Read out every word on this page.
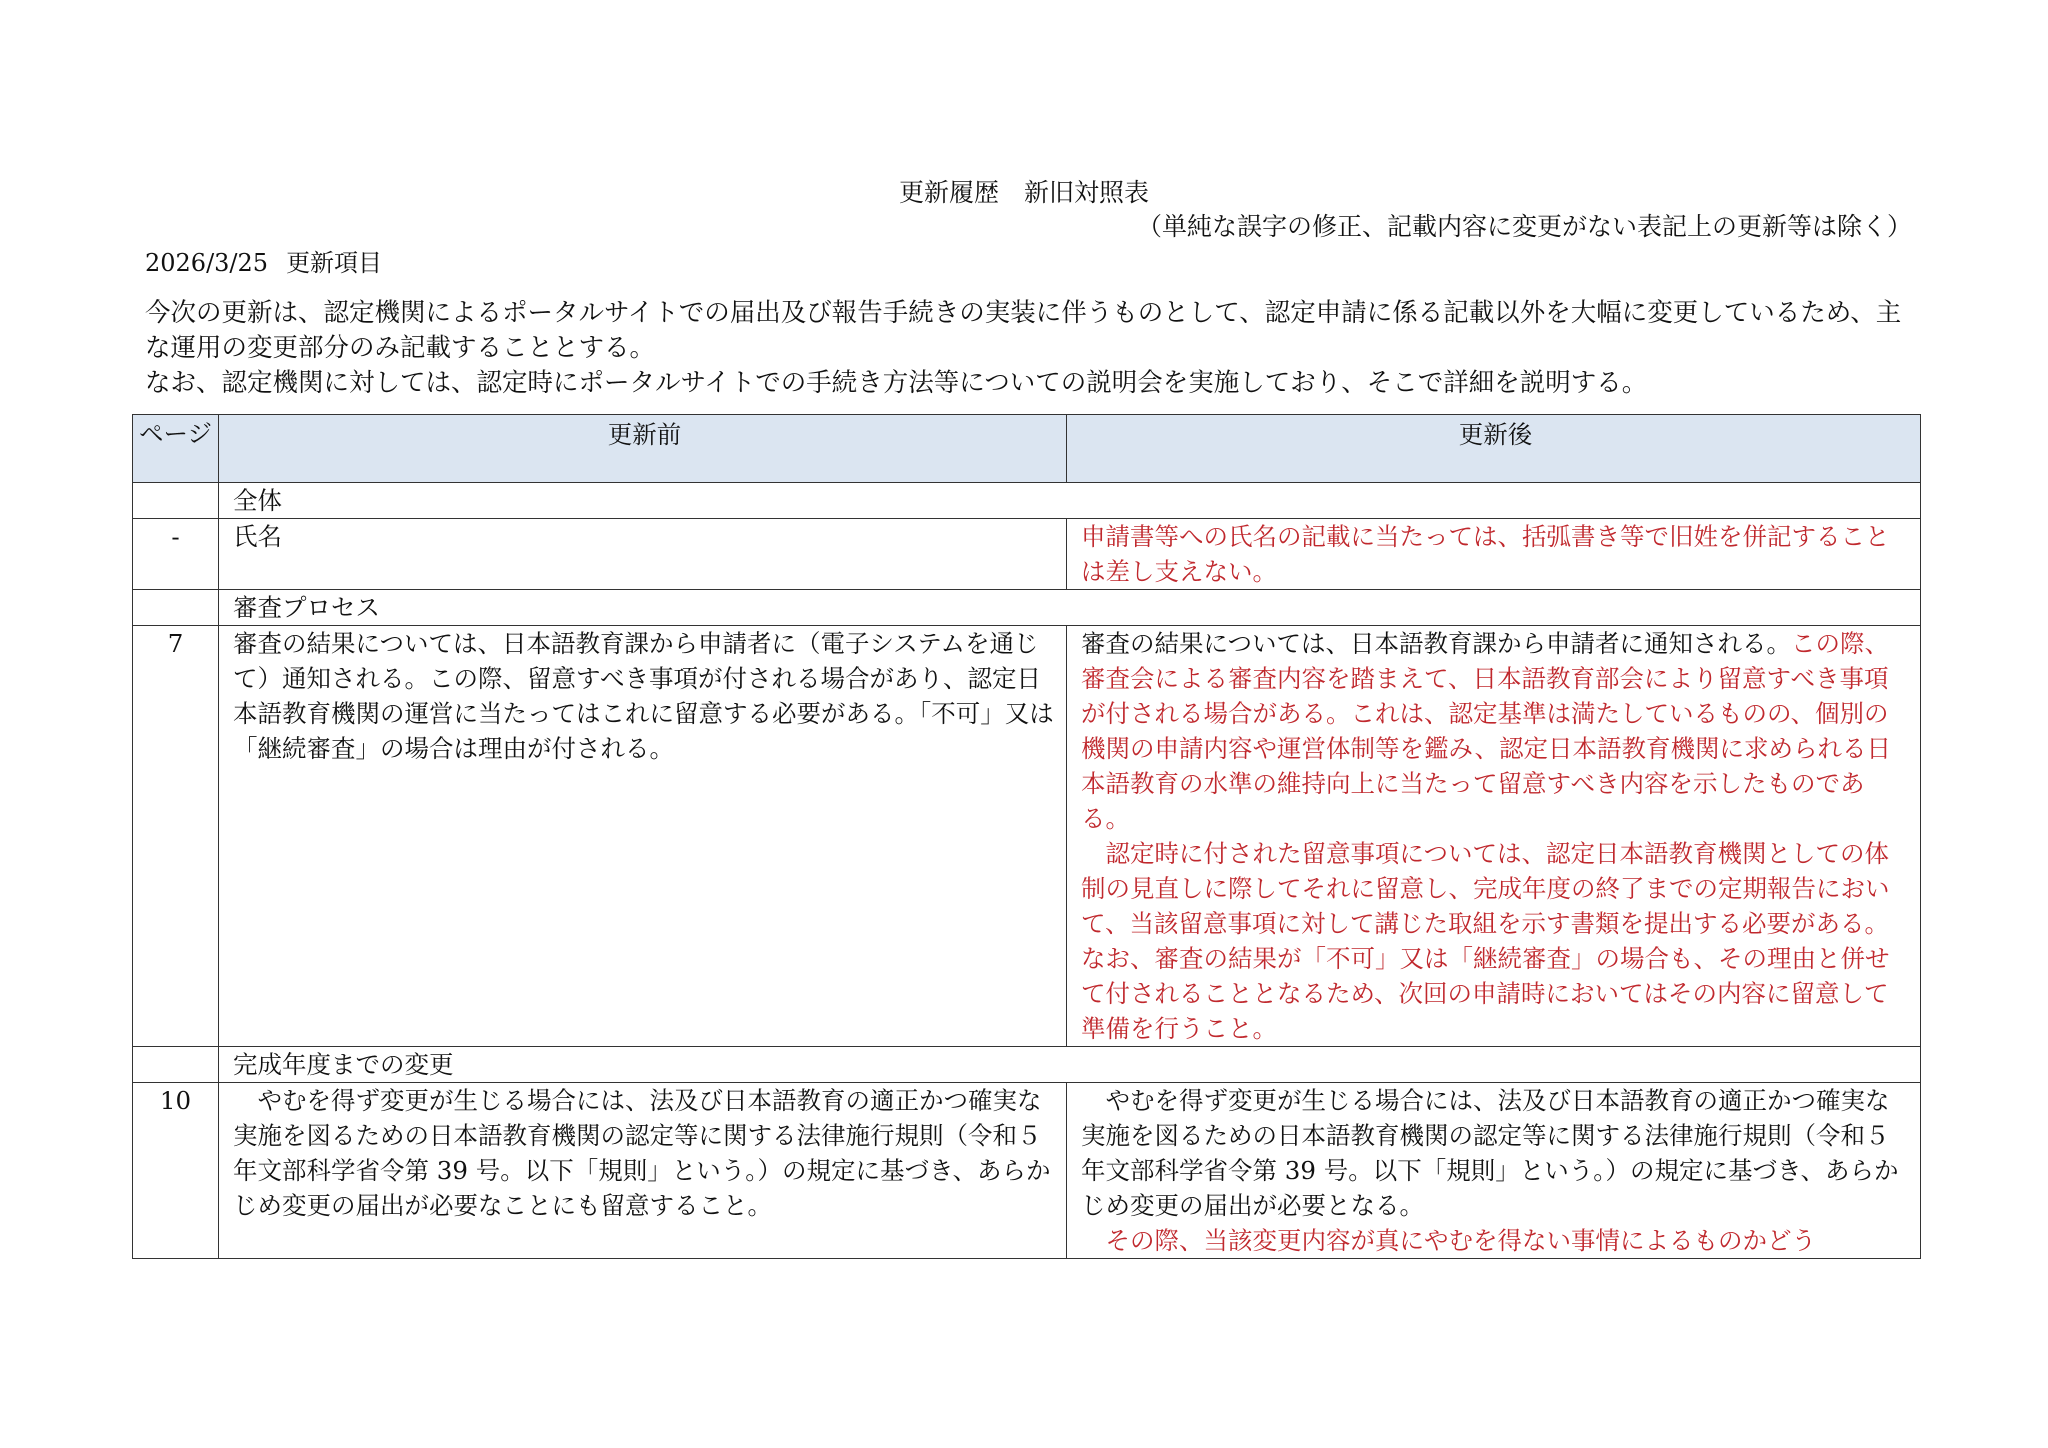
更新履歴　新旧対照表
（単純な誤字の修正、記載内容に変更がない表記上の更新等は除く）
2026/3/25 更新項目

今次の更新は、認定機関によるポータルサイトでの届出及び報告手続きの実装に伴うものとして、認定申請に係る記載以外を大幅に変更しているため、主な運用の変更部分のみ記載することとする。

なお、認定機関に対しては、認定時にポータルサイトでの手続き方法等についての説明会を実施しており、そこで詳細を説明する。

ページ	更新前	更新後

	全体	
-	氏名	申請書等への氏名の記載に当たっては、括弧書き等で旧姓を併記することは差し支えない。
	審査プロセス	
7	審査の結果については、日本語教育課から申請者に（電子システムを通じて）通知される。この際、留意すべき事項が付される場合があり、認定日本語教育機関の運営に当たってはこれに留意する必要がある。「不可」又は「継続審査」の場合は理由が付される。	審査の結果については、日本語教育課から申請者に通知される。この際、審査会による審査内容を踏まえて、日本語教育部会により留意すべき事項が付される場合がある。これは、認定基準は満たしているものの、個別の機関の申請内容や運営体制等を鑑み、認定日本語教育機関に求められる日本語教育の水準の維持向上に当たって留意すべき内容を示したものである。

認定時に付された留意事項については、認定日本語教育機関としての体制の見直しに際してそれに留意し、完成年度の終了までの定期報告において、当該留意事項に対して講じた取組を示す書類を提出する必要がある。なお、審査の結果が「不可」又は「継続審査」の場合も、その理由と併せて付されることとなるため、次回の申請時においてはその内容に留意して準備を行うこと。

	完成年度までの変更	
10	やむを得ず変更が生じる場合には、法及び日本語教育の適正かつ確実な実施を図るための日本語教育機関の認定等に関する法律施行規則（令和５年文部科学省令第 39 号。以下「規則」という。）の規定に基づき、あらかじめ変更の届出が必要なことにも留意すること。	やむを得ず変更が生じる場合には、法及び日本語教育の適正かつ確実な実施を図るための日本語教育機関の認定等に関する法律施行規則（令和５年文部科学省令第 39 号。以下「規則」という。）の規定に基づき、あらかじめ変更の届出が必要となる。

その際、当該変更内容が真にやむを得ない事情によるものかどう
